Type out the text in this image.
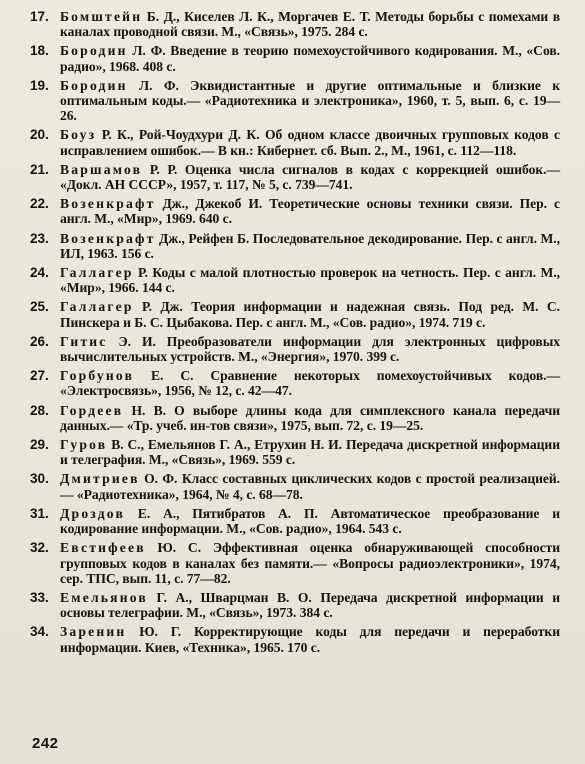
17. Бомштейн Б. Д., Киселев Л. К., Моргачев Е. Т. Методы борьбы с помехами в каналах проводной связи. М., «Связь», 1975. 284 с.
18. Бородин Л. Ф. Введение в теорию помехоустойчивого кодирования. М., «Сов. радио», 1968. 408 с.
19. Бородин Л. Ф. Эквидистантные и другие оптимальные и близкие к оптимальным коды.— «Радиотехника и электроника», 1960, т. 5, вып. 6, с. 19—26.
20. Боуз Р. К., Рой-Чоудхури Д. К. Об одном классе двоичных групповых кодов с исправлением ошибок.— В кн.: Кибернет. сб. Вып. 2., М., 1961, с. 112—118.
21. Варшамов Р. Р. Оценка числа сигналов в кодах с коррекцией ошибок.— «Докл. АН СССР», 1957, т. 117, № 5, с. 739—741.
22. Возенкрафт Дж., Джекоб И. Теоретические основы техники связи. Пер. с англ. М., «Мир», 1969. 640 с.
23. Возенкрафт Дж., Рейфен Б. Последовательное декодирование. Пер. с англ. М., ИЛ, 1963. 156 с.
24. Галлагер Р. Коды с малой плотностью проверок на четность. Пер. с англ. М., «Мир», 1966. 144 с.
25. Галлагер Р. Дж. Теория информации и надежная связь. Под ред. М. С. Пинскера и Б. С. Цыбакова. Пер. с англ. М., «Сов. радио», 1974. 719 с.
26. Гитис Э. И. Преобразователи информации для электронных цифровых вычислительных устройств. М., «Энергия», 1970. 399 с.
27. Горбунов Е. С. Сравнение некоторых помехоустойчивых кодов.— «Электросвязь», 1956, № 12, с. 42—47.
28. Гордеев Н. В. О выборе длины кода для симплексного канала передачи данных.— «Тр. учеб. ин-тов связи», 1975, вып. 72, с. 19—25.
29. Гуров В. С., Емельянов Г. А., Етрухин Н. И. Передача дискретной информации и телеграфия. М., «Связь», 1969. 559 с.
30. Дмитриев О. Ф. Класс составных циклических кодов с простой реализацией.— «Радиотехника», 1964, № 4, с. 68—78.
31. Дроздов Е. А., Пятибратов А. П. Автоматическое преобразование и кодирование информации. М., «Сов. радио», 1964. 543 с.
32. Евстифеев Ю. С. Эффективная оценка обнаруживающей способности групповых кодов в каналах без памяти.— «Вопросы радиоэлектроники», 1974, сер. ТПС, вып. 11, с. 77—82.
33. Емельянов Г. А., Шварцман В. О. Передача дискретной информации и основы телеграфии. М., «Связь», 1973. 384 с.
34. Заренин Ю. Г. Корректирующие коды для передачи и переработки информации. Киев, «Техника», 1965. 170 с.
242
